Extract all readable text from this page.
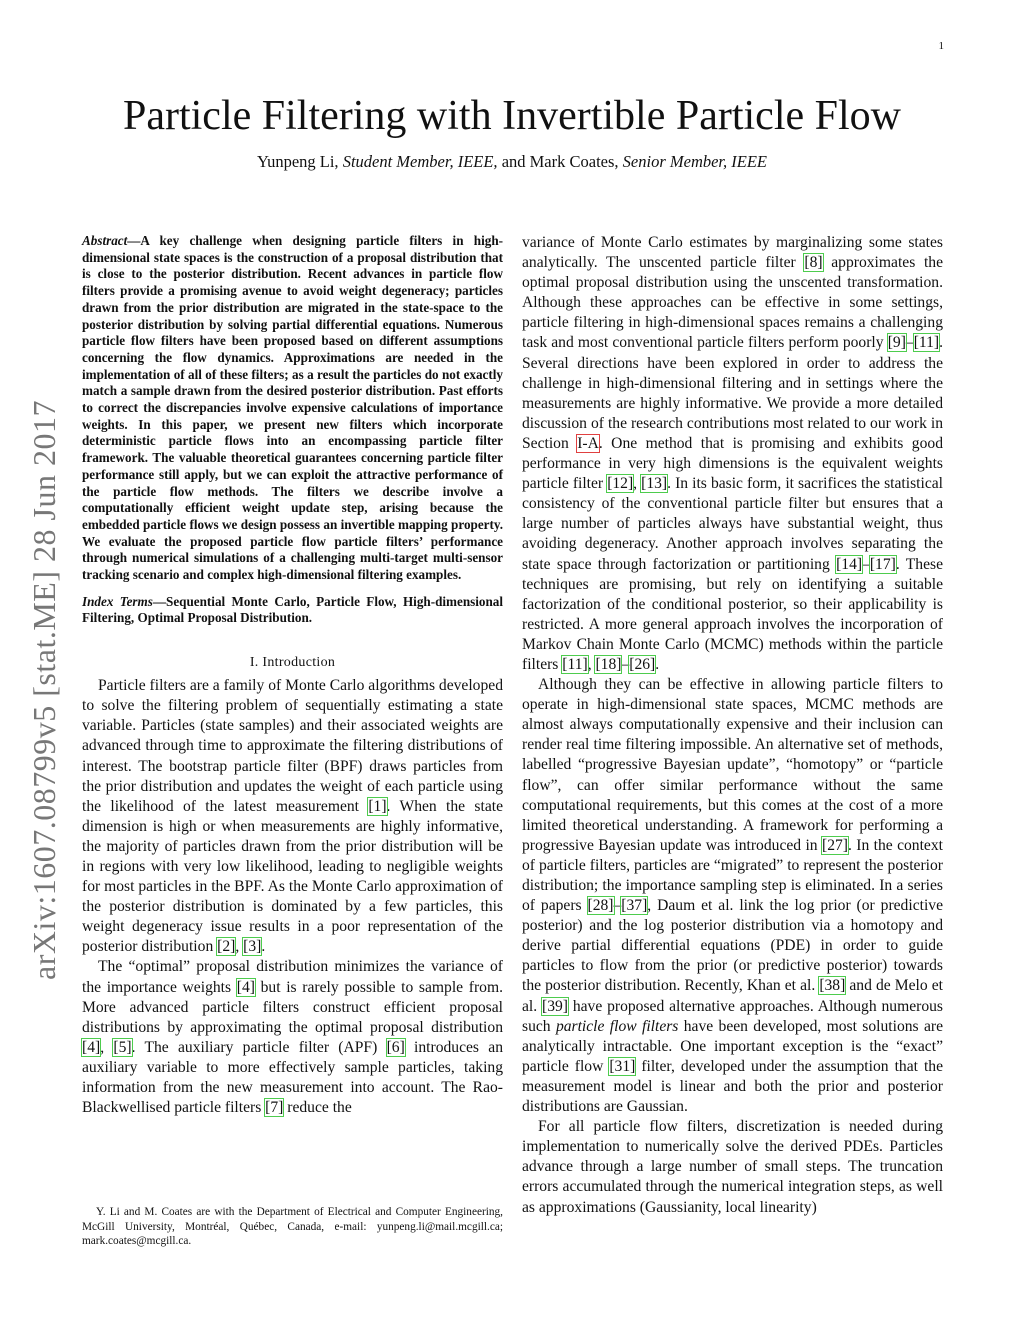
1
arXiv:1607.08799v5 [stat.ME] 28 Jun 2017
Particle Filtering with Invertible Particle Flow
Yunpeng Li, Student Member, IEEE, and Mark Coates, Senior Member, IEEE

Abstract—A key challenge when designing particle filters in high-dimensional state spaces is the construction of a proposal distribution that is close to the posterior distribution. Recent advances in particle flow filters provide a promising avenue to avoid weight degeneracy; particles drawn from the prior distribution are migrated in the state-space to the posterior distribution by solving partial differential equations. Numerous particle flow filters have been proposed based on different assumptions concerning the flow dynamics. Approximations are needed in the implementation of all of these filters; as a result the particles do not exactly match a sample drawn from the desired posterior distribution. Past efforts to correct the discrepancies involve expensive calculations of importance weights. In this paper, we present new filters which incorporate deterministic particle flows into an encompassing particle filter framework. The valuable theoretical guarantees concerning particle filter performance still apply, but we can exploit the attractive performance of the particle flow methods. The filters we describe involve a computationally efficient weight update step, arising because the embedded particle flows we design possess an invertible mapping property. We evaluate the proposed particle flow particle filters’ performance through numerical simulations of a challenging multi-target multi-sensor tracking scenario and complex high-dimensional filtering examples.

Index Terms—Sequential Monte Carlo, Particle Flow, High-dimensional Filtering, Optimal Proposal Distribution.

I. Introduction

Particle filters are a family of Monte Carlo algorithms developed to solve the filtering problem of sequentially estimating a state variable. Particles (state samples) and their associated weights are advanced through time to approximate the filtering distributions of interest. The bootstrap particle filter (BPF) draws particles from the prior distribution and updates the weight of each particle using the likelihood of the latest measurement [1]. When the state dimension is high or when measurements are highly informative, the majority of particles drawn from the prior distribution will be in regions with very low likelihood, leading to negligible weights for most particles in the BPF. As the Monte Carlo approximation of the posterior distribution is dominated by a few particles, this weight degeneracy issue results in a poor representation of the posterior distribution [2], [3].

The “optimal” proposal distribution minimizes the variance of the importance weights [4] but is rarely possible to sample from. More advanced particle filters construct efficient proposal distributions by approximating the optimal proposal distribution [4], [5]. The auxiliary particle filter (APF) [6] introduces an auxiliary variable to more effectively sample particles, taking information from the new measurement into account. The Rao-Blackwellised particle filters [7] reduce the

Y. Li and M. Coates are with the Department of Electrical and Computer Engineering, McGill University, Montréal, Québec, Canada, e-mail: yunpeng.li@mail.mcgill.ca; mark.coates@mcgill.ca.

variance of Monte Carlo estimates by marginalizing some states analytically. The unscented particle filter [8] approximates the optimal proposal distribution using the unscented transformation. Although these approaches can be effective in some settings, particle filtering in high-dimensional spaces remains a challenging task and most conventional particle filters perform poorly [9]–[11]. Several directions have been explored in order to address the challenge in high-dimensional filtering and in settings where the measurements are highly informative. We provide a more detailed discussion of the research contributions most related to our work in Section I-A. One method that is promising and exhibits good performance in very high dimensions is the equivalent weights particle filter [12], [13]. In its basic form, it sacrifices the statistical consistency of the conventional particle filter but ensures that a large number of particles always have substantial weight, thus avoiding degeneracy. Another approach involves separating the state space through factorization or partitioning [14]–[17]. These techniques are promising, but rely on identifying a suitable factorization of the conditional posterior, so their applicability is restricted. A more general approach involves the incorporation of Markov Chain Monte Carlo (MCMC) methods within the particle filters [11], [18]–[26].

Although they can be effective in allowing particle filters to operate in high-dimensional state spaces, MCMC methods are almost always computationally expensive and their inclusion can render real time filtering impossible. An alternative set of methods, labelled “progressive Bayesian update”, “homotopy” or “particle flow”, can offer similar performance without the same computational requirements, but this comes at the cost of a more limited theoretical understanding. A framework for performing a progressive Bayesian update was introduced in [27]. In the context of particle filters, particles are “migrated” to represent the posterior distribution; the importance sampling step is eliminated. In a series of papers [28]–[37], Daum et al. link the log prior (or predictive posterior) and the log posterior distribution via a homotopy and derive partial differential equations (PDE) in order to guide particles to flow from the prior (or predictive posterior) towards the posterior distribution. Recently, Khan et al. [38] and de Melo et al. [39] have proposed alternative approaches. Although numerous such particle flow filters have been developed, most solutions are analytically intractable. One important exception is the “exact” particle flow [31] filter, developed under the assumption that the measurement model is linear and both the prior and posterior distributions are Gaussian.

For all particle flow filters, discretization is needed during implementation to numerically solve the derived PDEs. Particles advance through a large number of small steps. The truncation errors accumulated through the numerical integration steps, as well as approximations (Gaussianity, local linearity)
